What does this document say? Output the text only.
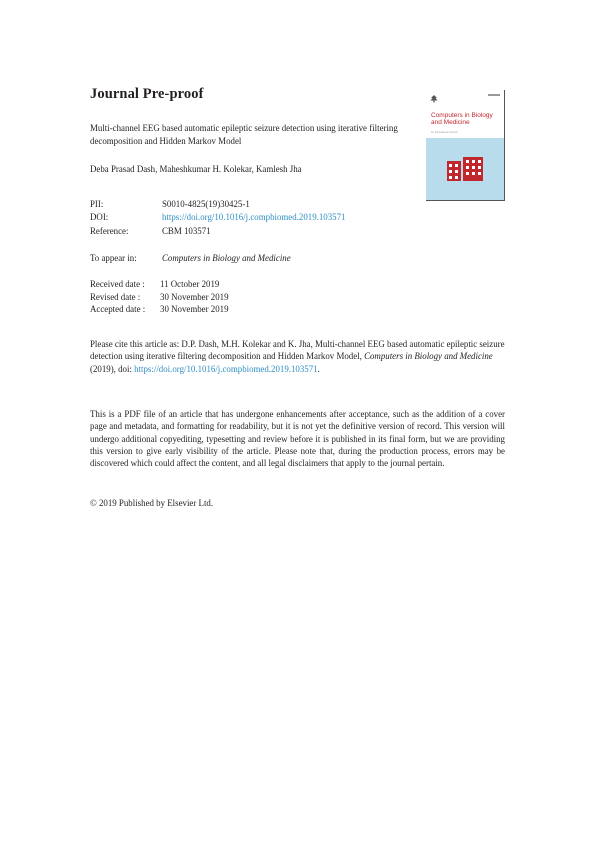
Journal Pre-proof
Computers in Biology and Medicine
An International Journal
Multi-channel EEG based automatic epileptic seizure detection using iterative filtering decomposition and Hidden Markov Model
Deba Prasad Dash, Maheshkumar H. Kolekar, Kamlesh Jha
PII:	S0010-4825(19)30425-1
DOI:	https://doi.org/10.1016/j.compbiomed.2019.103571
Reference:	CBM 103571
To appear in:	Computers in Biology and Medicine
Received date : 11 October 2019
Revised date : 30 November 2019
Accepted date : 30 November 2019
Please cite this article as: D.P. Dash, M.H. Kolekar and K. Jha, Multi-channel EEG based automatic epileptic seizure detection using iterative filtering decomposition and Hidden Markov Model, Computers in Biology and Medicine (2019), doi: https://doi.org/10.1016/j.compbiomed.2019.103571.
This is a PDF file of an article that has undergone enhancements after acceptance, such as the addition of a cover page and metadata, and formatting for readability, but it is not yet the definitive version of record. This version will undergo additional copyediting, typesetting and review before it is published in its final form, but we are providing this version to give early visibility of the article. Please note that, during the production process, errors may be discovered which could affect the content, and all legal disclaimers that apply to the journal pertain.
© 2019 Published by Elsevier Ltd.
